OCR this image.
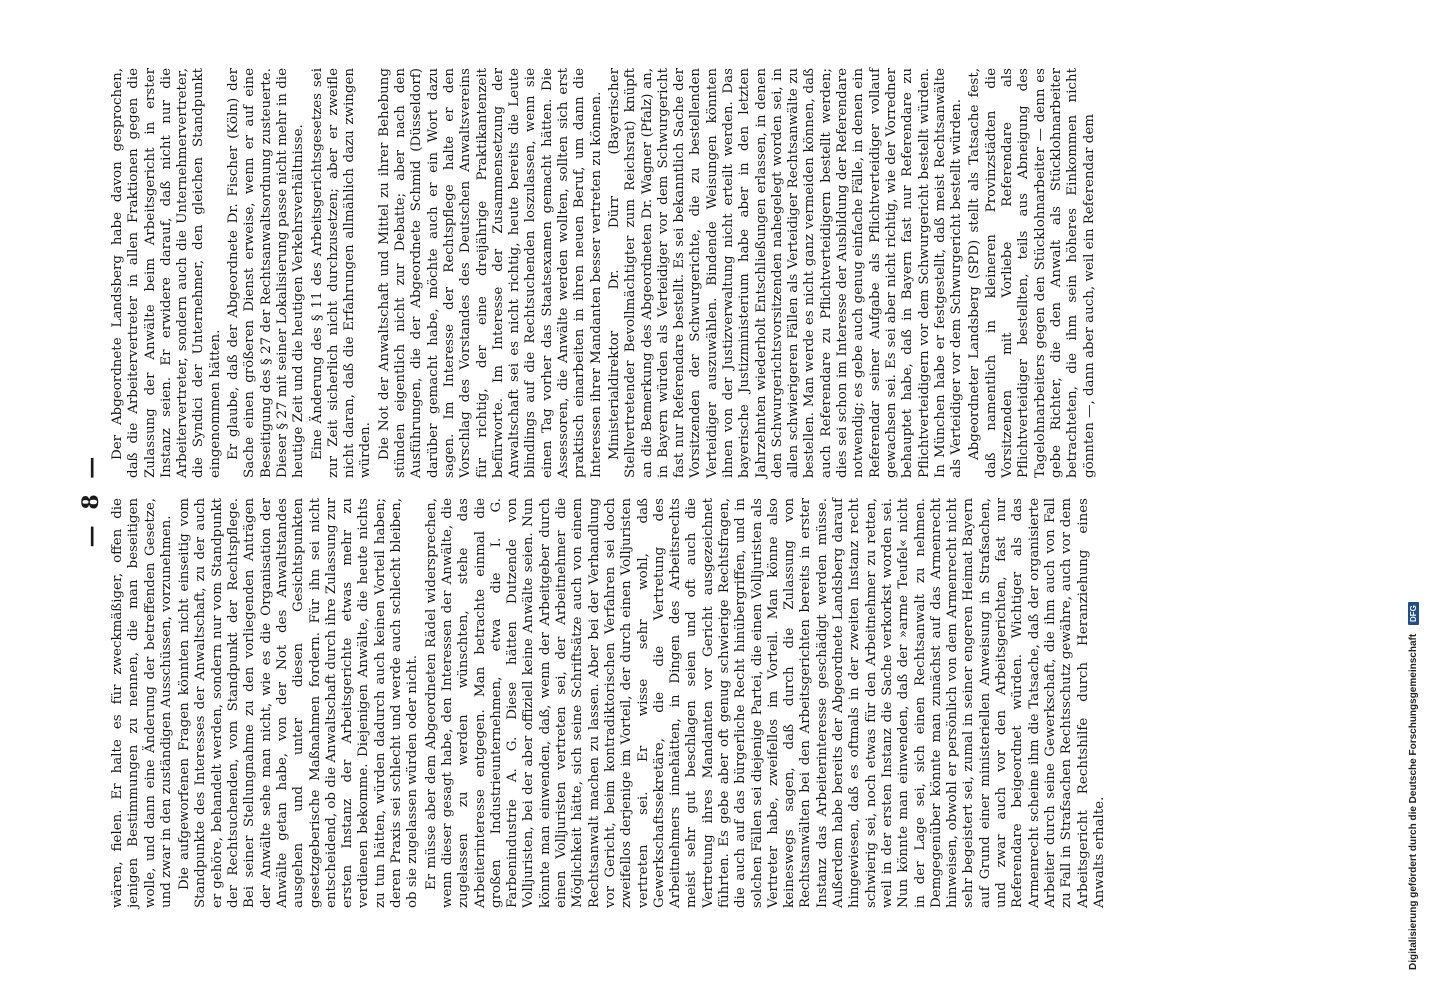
— 8 — wären, fielen. Er halte es für zweckmäßiger, offen die jenigen Bestimmungen zu nennen, die man beseitigen wolle, und dann eine Änderung der betreffenden Gesetze, und zwar in den zuständigen Ausschüssen, vorzunehmen. Die aufgeworfenen Fragen könnten nicht einseitig vom Standpunkte des Interesses der Anwaltschaft, zu der auch er gehöre, behandelt werden, sondern nur vom Standpunkt der Rechtsuchenden, vom Standpunkt der Rechtspflege. Bei seiner Stellungnahme zu den vorliegenden Anträgen der Anwälte sehe man nicht, wie es die Organisation der Anwälte getan habe, von der Not des Anwaltstandes ausgehen und unter diesen Gesichtspunkten gesetzgeberische Maßnahmen fordern. Für ihn sei nicht entscheidend, ob die Anwaltschaft durch ihre Zulassung zur ersten Instanz der Arbeitsgerichte etwas mehr zu verdienen bekomme. Diejenigen Anwälte, die heute nichts zu tun hätten, würden dadurch auch keinen Vorteil haben; deren Praxis sei schlecht und werde auch schlecht bleiben, ob sie zugelassen würden oder nicht. Er müsse aber dem Abgeordneten Rädel widersprechen, wenn dieser gesagt habe, den Interessen der Anwälte, die zugelassen zu werden wünschten, stehe das Arbeiterinteresse entgegen. Man betrachte einmal die großen Industrieunternehmen, etwa die I. G. Farbenindustrie A. G. Diese hätten Dutzende von Volljuristen, bei der aber offiziell keine Anwälte seien. Nun könnte man einwenden, daß, wenn der Arbeitgeber durch einen Volljuristen vertreten sei, der Arbeitnehmer die Möglichkeit hätte, sich seine Schriftsätze auch von einem Rechtsanwalt machen zu lassen. Aber bei der Verhandlung vor Gericht, beim kontradiktorischen Verfahren sei doch zweifellos derjenige im Vorteil, der durch einen Volljuristen vertreten sei. Er wisse sehr wohl, daß Gewerkschaftssekretäre, die die Vertretung des Arbeitnehmers innehätten, in Dingen des Arbeitsrechts meist sehr gut beschlagen seien und oft auch die Vertretung ihres Mandanten vor Gericht ausgezeichnet führten. Es gebe aber oft genug schwierige Rechtsfragen, die auch auf das bürgerliche Recht hinübergriffen, und in solchen Fällen sei diejenige Partei, die einen Volljuristen als Vertreter habe, zweifellos im Vorteil. Man könne also keineswegs sagen, daß durch die Zulassung von Rechtsanwälten bei den Arbeitsgerichten bereits in erster Instanz das Arbeiterinteresse geschädigt werden müsse. Außerdem habe bereits der Abgeordnete Landsberg darauf hingewiesen, daß es oftmals in der zweiten Instanz recht schwierig sei, noch etwas für den Arbeitnehmer zu retten, weil in der ersten Instanz die Sache verkorkst worden sei. Nun könnte man einwenden, daß der »arme Teufel« nicht in der Lage sei, sich einen Rechtsanwalt zu nehmen. Demgegenüber könnte man zunächst auf das Armenrecht hinweisen, obwohl er persönlich von dem Armenrecht nicht sehr begeistert sei, zumal in seiner engeren Heimat Bayern auf Grund einer ministeriellen Anweisung in Strafsachen, und zwar auch vor den Arbeitsgerichten, fast nur Referendare beigeordnet würden. Wichtiger als das Armenrecht scheine ihm die Tatsache, daß der organisierte Arbeiter durch seine Gewerkschaft, die ihm auch von Fall zu Fall in Strafsachen Rechtsschutz gewähre, auch vor dem Arbeitsgericht Rechtshilfe durch Heranziehung eines Anwalts erhalte.

Der Abgeordnete Landsberg habe davon gesprochen, daß die Arbeitervertreter in allen Fraktionen gegen die Zulassung der Anwälte beim Arbeitsgericht in erster Instanz seien. Er erwidere darauf, daß nicht nur die Arbeitervertreter, sondern auch die Unternehmervertreter, die Syndici der Unternehmer, den gleichen Standpunkt eingenommen hätten. Er glaube, daß der Abgeordnete Dr. Fischer (Köln) der Sache einen größeren Dienst erweise, wenn er auf eine Beseitigung des § 27 der Rechtsanwaltsordnung zusteuerte. Dieser § 27 mit seiner Lokalisierung passe nicht mehr in die heutige Zeit und die heutigen Verkehrsverhältnisse. Eine Änderung des § 11 des Arbeitsgerichtsgesetzes sei zur Zeit sicherlich nicht durchzusetzen; aber er zweifle nicht daran, daß die Erfahrungen allmählich dazu zwingen würden. Die Not der Anwaltschaft und Mittel zu ihrer Behebung stünden eigentlich nicht zur Debatte; aber nach den Ausführungen, die der Abgeordnete Schmid (Düsseldorf) darüber gemacht habe, möchte auch er ein Wort dazu sagen. Im Interesse der Rechtspflege halte er den Vorschlag des Vorstandes des Deutschen Anwaltsvereins für richtig, der eine dreijährige Praktikantenzeit befürworte. Im Interesse der Zusammensetzung der Anwaltschaft sei es nicht richtig, heute bereits die Leute blindlings auf die Rechtsuchenden loszulassen, wenn sie einen Tag vorher das Staatsexamen gemacht hätten. Die Assessoren, die Anwälte werden wollten, sollten sich erst praktisch einarbeiten in ihren neuen Beruf, um dann die Interessen ihrer Mandanten besser vertreten zu können. Ministerialdirektor Dr. Dürr (Bayerischer Stellvertretender Bevollmächtigter zum Reichsrat) knüpft an die Bemerkung des Abgeordneten Dr. Wagner (Pfalz) an, in Bayern würden als Verteidiger vor dem Schwurgericht fast nur Referendare bestellt. Es sei bekanntlich Sache der Vorsitzenden der Schwurgerichte, die zu bestellenden Verteidiger auszuwählen. Bindende Weisungen könnten ihnen von der Justizverwaltung nicht erteilt werden. Das bayerische Justizministerium habe aber in den letzten Jahrzehnten wiederholt Entschließungen erlassen, in denen den Schwurgerichtsvorsitzenden nahegelegt worden sei, in allen schwierigeren Fällen als Verteidiger Rechtsanwälte zu bestellen. Man werde es nicht ganz vermeiden können, daß auch Referendare zu Pflichtverteidigern bestellt werden; dies sei schon im Interesse der Ausbildung der Referendare notwendig; es gebe auch genug einfache Fälle, in denen ein Referendar seiner Aufgabe als Pflichtverteidiger vollauf gewachsen sei. Es sei aber nicht richtig, wie der Vorredner behauptet habe, daß in Bayern fast nur Referendare zu Pflichtverteidigern vor dem Schwurgericht bestellt würden. In München habe er festgestellt, daß meist Rechtsanwälte als Verteidiger vor dem Schwurgericht bestellt würden. Abgeordneter Landsberg (SPD) stellt als Tatsache fest, daß namentlich in kleineren Provinzstädten die Vorsitzenden mit Vorliebe Referendare als Pflichtverteidiger bestellten, teils aus Abneigung des Tagelohnarbeiters gegen den Stücklohnarbeiter — denn es gebe Richter, die den Anwalt als Stücklohnarbeiter betrachteten, die ihm sein höheres Einkommen nicht gönnten —, dann aber auch, weil ein Referendar dem

Digitalisierung gefördert durch die Deutsche Forschungsgemeinschaft DFG
